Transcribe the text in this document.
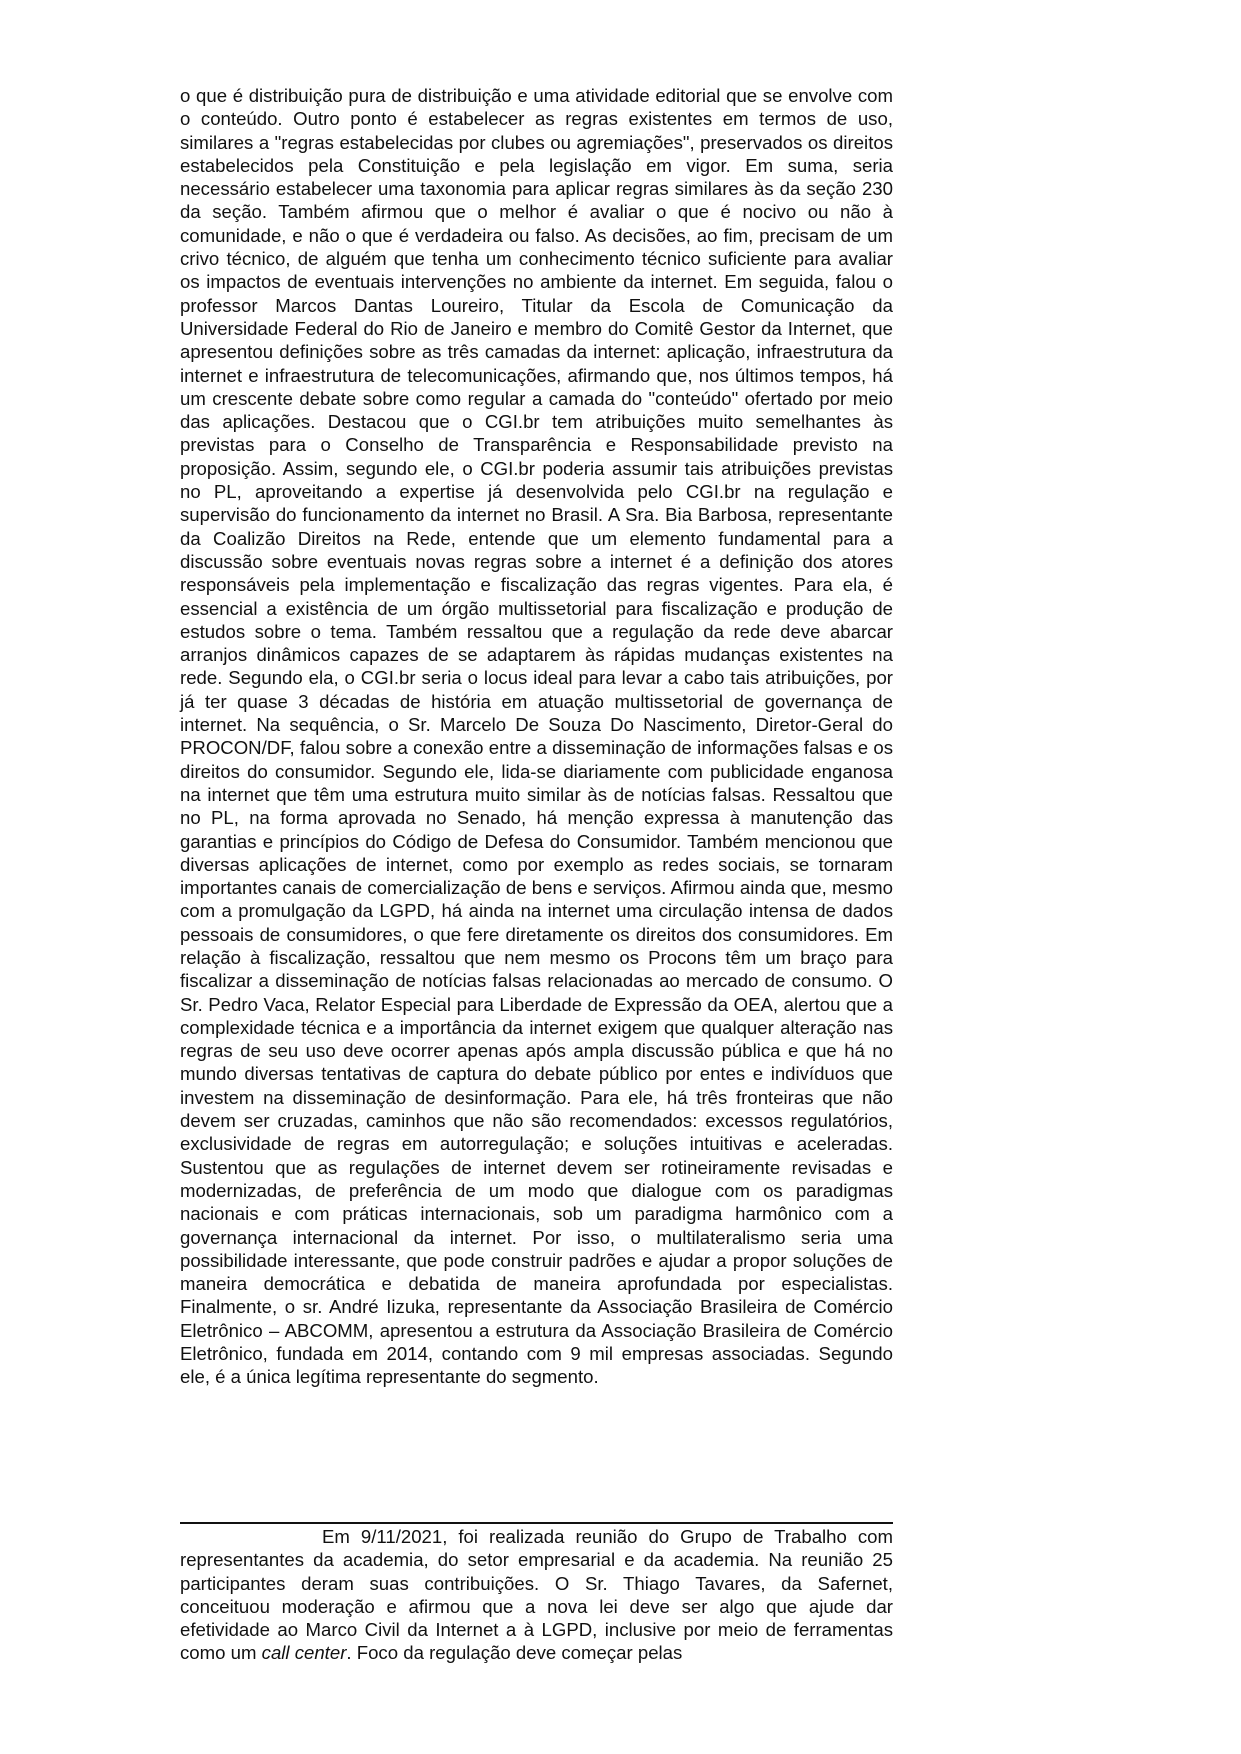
o que é distribuição pura de distribuição e uma atividade editorial que se envolve com o conteúdo. Outro ponto é estabelecer as regras existentes em termos de uso, similares a "regras estabelecidas por clubes ou agremiações", preservados os direitos estabelecidos pela Constituição e pela legislação em vigor. Em suma, seria necessário estabelecer uma taxonomia para aplicar regras similares às da seção 230 da seção. Também afirmou que o melhor é avaliar o que é nocivo ou não à comunidade, e não o que é verdadeira ou falso. As decisões, ao fim, precisam de um crivo técnico, de alguém que tenha um conhecimento técnico suficiente para avaliar os impactos de eventuais intervenções no ambiente da internet. Em seguida, falou o professor Marcos Dantas Loureiro, Titular da Escola de Comunicação da Universidade Federal do Rio de Janeiro e membro do Comitê Gestor da Internet, que apresentou definições sobre as três camadas da internet: aplicação, infraestrutura da internet e infraestrutura de telecomunicações, afirmando que, nos últimos tempos, há um crescente debate sobre como regular a camada do "conteúdo" ofertado por meio das aplicações. Destacou que o CGI.br tem atribuições muito semelhantes às previstas para o Conselho de Transparência e Responsabilidade previsto na proposição. Assim, segundo ele, o CGI.br poderia assumir tais atribuições previstas no PL, aproveitando a expertise já desenvolvida pelo CGI.br na regulação e supervisão do funcionamento da internet no Brasil. A Sra. Bia Barbosa, representante da Coalizão Direitos na Rede, entende que um elemento fundamental para a discussão sobre eventuais novas regras sobre a internet é a definição dos atores responsáveis pela implementação e fiscalização das regras vigentes. Para ela, é essencial a existência de um órgão multissetorial para fiscalização e produção de estudos sobre o tema. Também ressaltou que a regulação da rede deve abarcar arranjos dinâmicos capazes de se adaptarem às rápidas mudanças existentes na rede. Segundo ela, o CGI.br seria o locus ideal para levar a cabo tais atribuições, por já ter quase 3 décadas de história em atuação multissetorial de governança de internet. Na sequência, o Sr. Marcelo De Souza Do Nascimento, Diretor-Geral do PROCON/DF, falou sobre a conexão entre a disseminação de informações falsas e os direitos do consumidor. Segundo ele, lida-se diariamente com publicidade enganosa na internet que têm uma estrutura muito similar às de notícias falsas. Ressaltou que no PL, na forma aprovada no Senado, há menção expressa à manutenção das garantias e princípios do Código de Defesa do Consumidor. Também mencionou que diversas aplicações de internet, como por exemplo as redes sociais, se tornaram importantes canais de comercialização de bens e serviços. Afirmou ainda que, mesmo com a promulgação da LGPD, há ainda na internet uma circulação intensa de dados pessoais de consumidores, o que fere diretamente os direitos dos consumidores. Em relação à fiscalização, ressaltou que nem mesmo os Procons têm um braço para fiscalizar a disseminação de notícias falsas relacionadas ao mercado de consumo. O Sr. Pedro Vaca, Relator Especial para Liberdade de Expressão da OEA, alertou que a complexidade técnica e a importância da internet exigem que qualquer alteração nas regras de seu uso deve ocorrer apenas após ampla discussão pública e que há no mundo diversas tentativas de captura do debate público por entes e indivíduos que investem na disseminação de desinformação. Para ele, há três fronteiras que não devem ser cruzadas, caminhos que não são recomendados: excessos regulatórios, exclusividade de regras em autorregulação; e soluções intuitivas e aceleradas. Sustentou que as regulações de internet devem ser rotineiramente revisadas e modernizadas, de preferência de um modo que dialogue com os paradigmas nacionais e com práticas internacionais, sob um paradigma harmônico com a governança internacional da internet. Por isso, o multilateralismo seria uma possibilidade interessante, que pode construir padrões e ajudar a propor soluções de maneira democrática e debatida de maneira aprofundada por especialistas. Finalmente, o sr. André Iizuka, representante da Associação Brasileira de Comércio Eletrônico – ABCOMM, apresentou a estrutura da Associação Brasileira de Comércio Eletrônico, fundada em 2014, contando com 9 mil empresas associadas. Segundo ele, é a única legítima representante do segmento.

Em 9/11/2021, foi realizada reunião do Grupo de Trabalho com representantes da academia, do setor empresarial e da academia. Na reunião 25 participantes deram suas contribuições. O Sr. Thiago Tavares, da Safernet, conceituou moderação e afirmou que a nova lei deve ser algo que ajude dar efetividade ao Marco Civil da Internet a à LGPD, inclusive por meio de ferramentas como um call center. Foco da regulação deve começar pelas
